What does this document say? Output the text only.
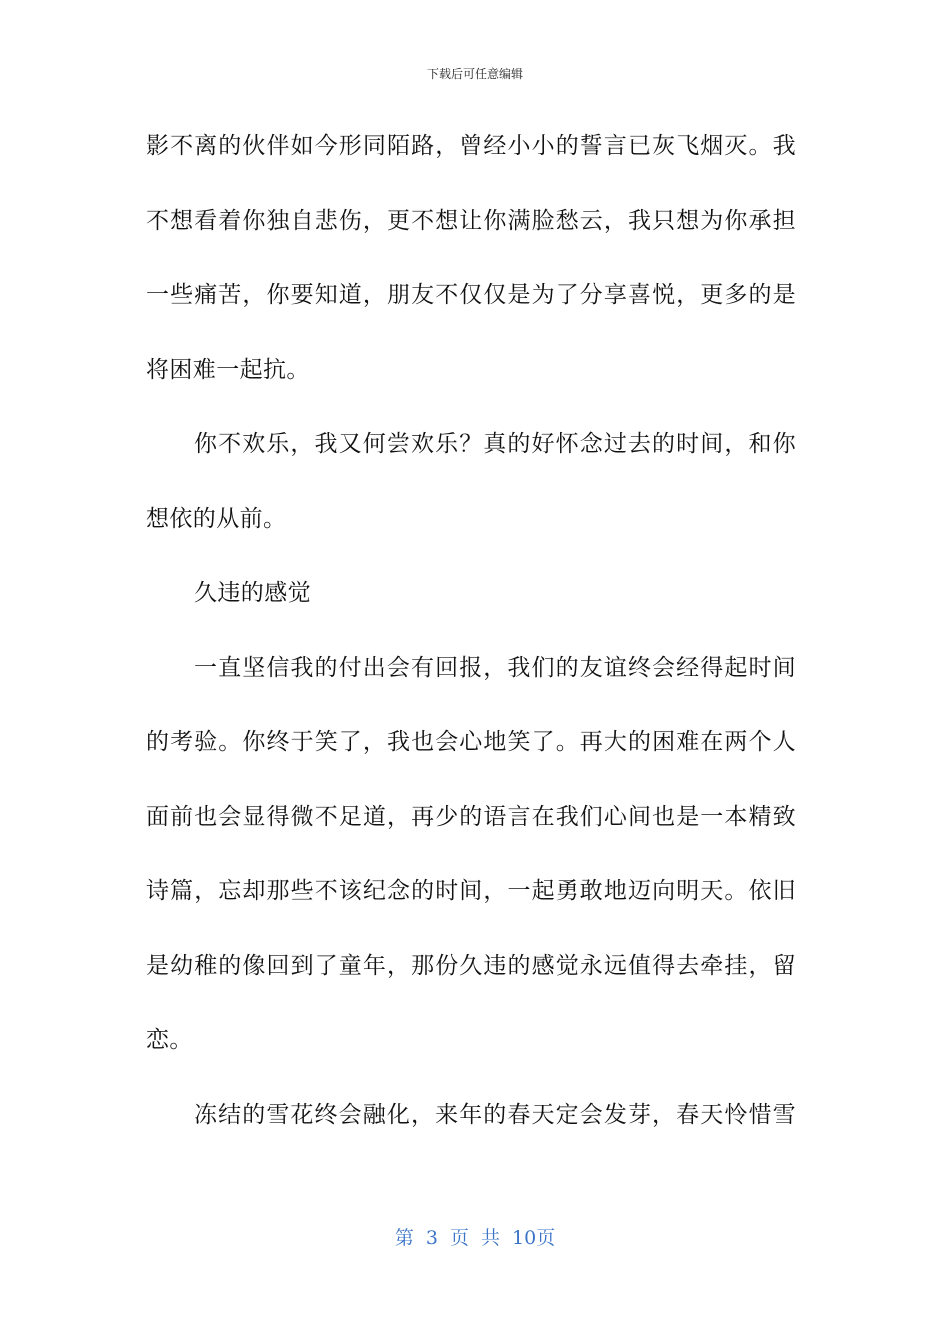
下载后可任意编辑
影不离的伙伴如今形同陌路，曾经小小的誓言已灰飞烟灭。我
不想看着你独自悲伤，更不想让你满脸愁云，我只想为你承担
一些痛苦，你要知道，朋友不仅仅是为了分享喜悦，更多的是
将困难一起抗。
你不欢乐，我又何尝欢乐？真的好怀念过去的时间，和你
想依的从前。
久违的感觉
一直坚信我的付出会有回报，我们的友谊终会经得起时间
的考验。你终于笑了，我也会心地笑了。再大的困难在两个人
面前也会显得微不足道，再少的语言在我们心间也是一本精致
诗篇，忘却那些不该纪念的时间，一起勇敢地迈向明天。依旧
是幼稚的像回到了童年，那份久违的感觉永远值得去牵挂，留
恋。
冻结的雪花终会融化，来年的春天定会发芽，春天怜惜雪
第 3 页 共 10页
